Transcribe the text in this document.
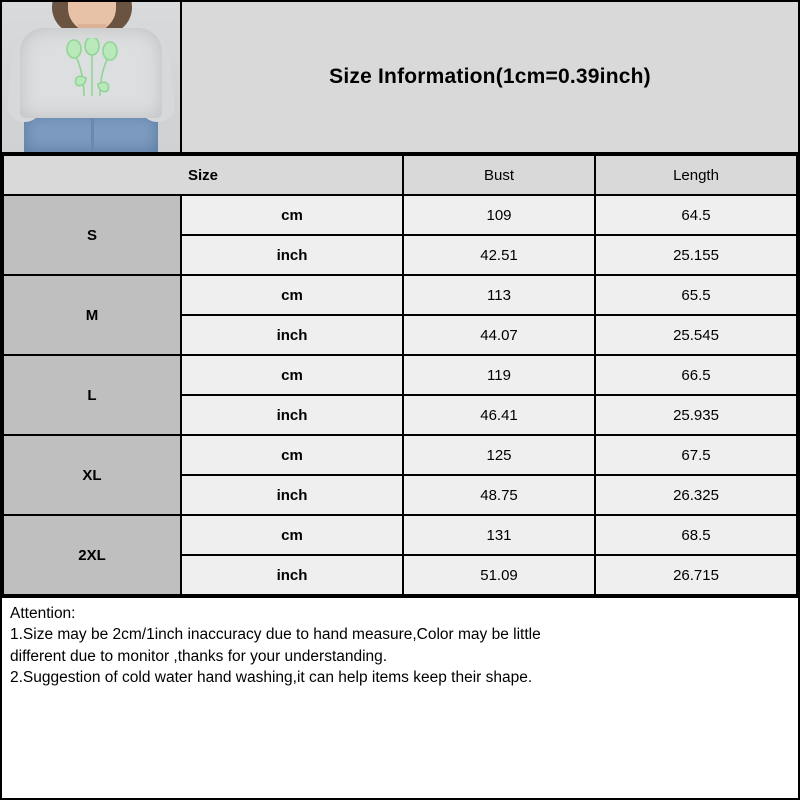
Size Information(1cm=0.39inch)
Size		Bust	Length
S	cm	109	64.5
	inch	42.51	25.155
M	cm	113	65.5
	inch	44.07	25.545
L	cm	119	66.5
	inch	46.41	25.935
XL	cm	125	67.5
	inch	48.75	26.325
2XL	cm	131	68.5
	inch	51.09	26.715

Attention:

1.Size may be 2cm/1inch inaccuracy due to hand measure,Color may be little

different due to monitor ,thanks for your understanding.

2.Suggestion of cold water hand washing,it can help items keep their shape.
